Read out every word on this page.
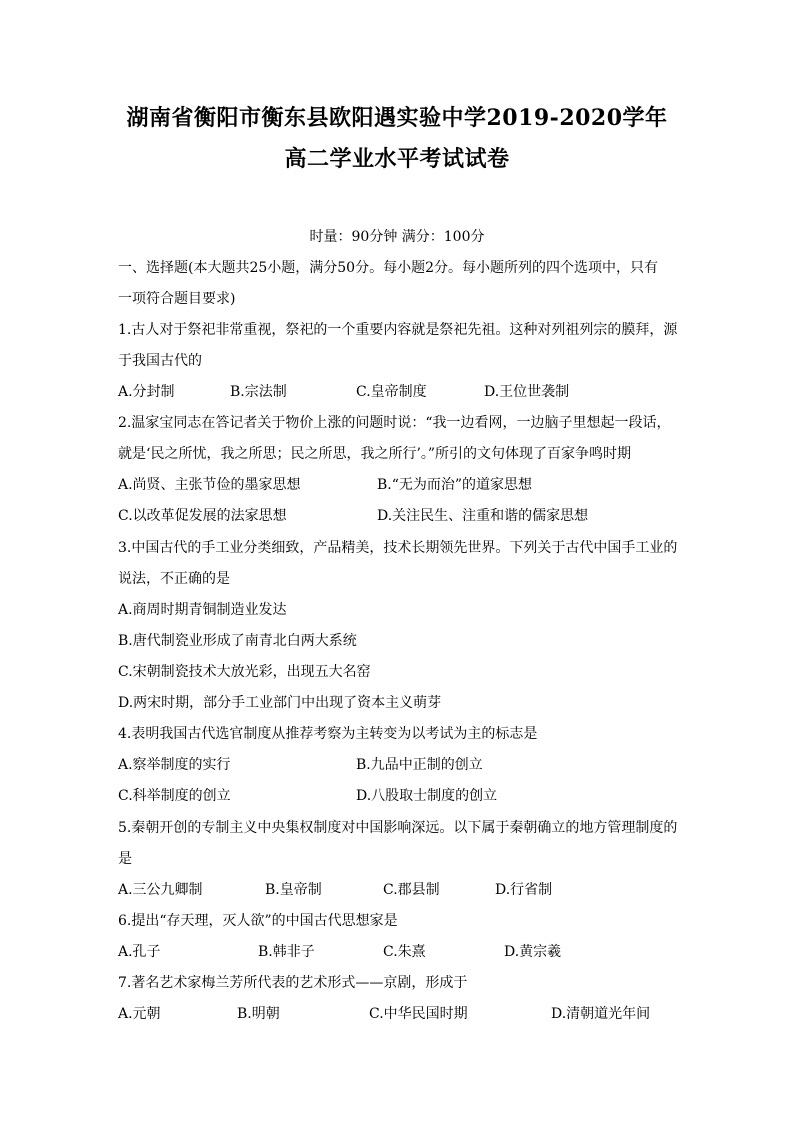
湖南省衡阳市衡东县欧阳遇实验中学2019-2020学年
高二学业水平考试试卷
时量：90分钟 满分：100分
一、选择题(本大题共25小题，满分50分。每小题2分。每小题所列的四个选项中，只有
一项符合题目要求)
1.古人对于祭祀非常重视，祭祀的一个重要内容就是祭祀先祖。这种对列祖列宗的膜拜，源
于我国古代的
A.分封制	B.宗法制	C.皇帝制度	D.王位世袭制
2.温家宝同志在答记者关于物价上涨的问题时说：“我一边看网，一边脑子里想起一段话，
就是‘民之所忧，我之所思；民之所思，我之所行’。”所引的文句体现了百家争鸣时期
A.尚贤、主张节俭的墨家思想	B.“无为而治”的道家思想
C.以改革促发展的法家思想	D.关注民生、注重和谐的儒家思想
3.中国古代的手工业分类细致，产品精美，技术长期领先世界。下列关于古代中国手工业的
说法，不正确的是
A.商周时期青铜制造业发达
B.唐代制瓷业形成了南青北白两大系统
C.宋朝制瓷技术大放光彩，出现五大名窑
D.两宋时期，部分手工业部门中出现了资本主义萌芽
4.表明我国古代选官制度从推荐考察为主转变为以考试为主的标志是
A.察举制度的实行	B.九品中正制的创立
C.科举制度的创立	D.八股取士制度的创立
5.秦朝开创的专制主义中央集权制度对中国影响深远。以下属于秦朝确立的地方管理制度的
是
A.三公九卿制	B.皇帝制	C.郡县制	D.行省制
6.提出“存天理，灭人欲”的中国古代思想家是
A.孔子	B.韩非子	C.朱熹	D.黄宗羲
7.著名艺术家梅兰芳所代表的艺术形式——京剧，形成于
A.元朝	B.明朝	C.中华民国时期	D.清朝道光年间
